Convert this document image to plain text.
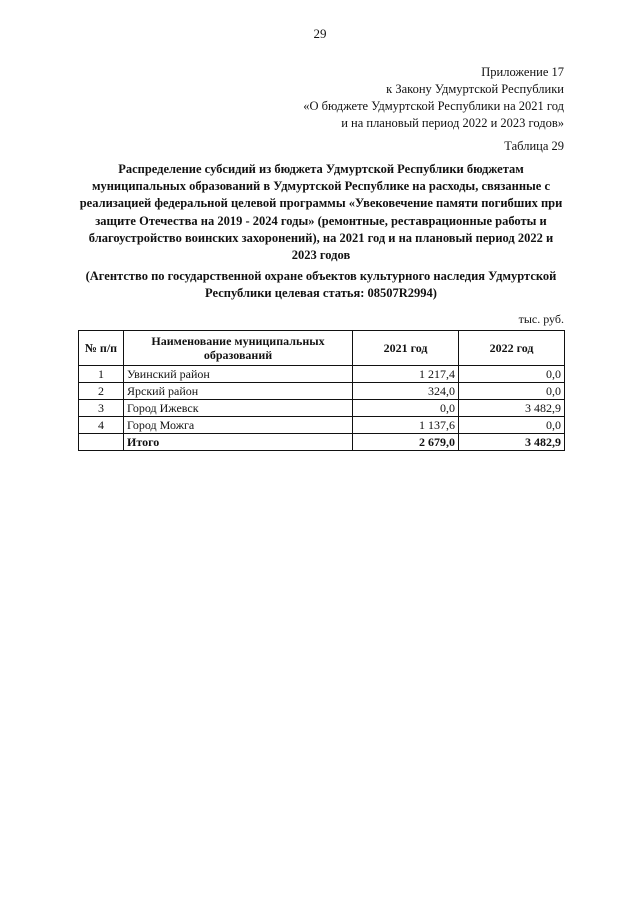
29
Приложение 17
к Закону Удмуртской Республики
«О бюджете Удмуртской Республики на 2021 год
и на плановый период 2022 и 2023 годов»
Таблица 29
Распределение субсидий из бюджета Удмуртской Республики бюджетам муниципальных образований в Удмуртской Республике на расходы, связанные с реализацией федеральной целевой программы «Увековечение памяти погибших при защите Отечества на 2019 - 2024 годы» (ремонтные, реставрационные работы и благоустройство воинских захоронений), на 2021 год и на плановый период 2022 и 2023 годов
(Агентство по государственной охране объектов культурного наследия Удмуртской Республики целевая статья: 08507R2994)
тыс. руб.
№ п/п	Наименование муниципальных образований	2021 год	2022 год
1	Увинский район	1 217,4	0,0
2	Ярский район	324,0	0,0
3	Город Ижевск	0,0	3 482,9
4	Город Можга	1 137,6	0,0
	Итого	2 679,0	3 482,9
